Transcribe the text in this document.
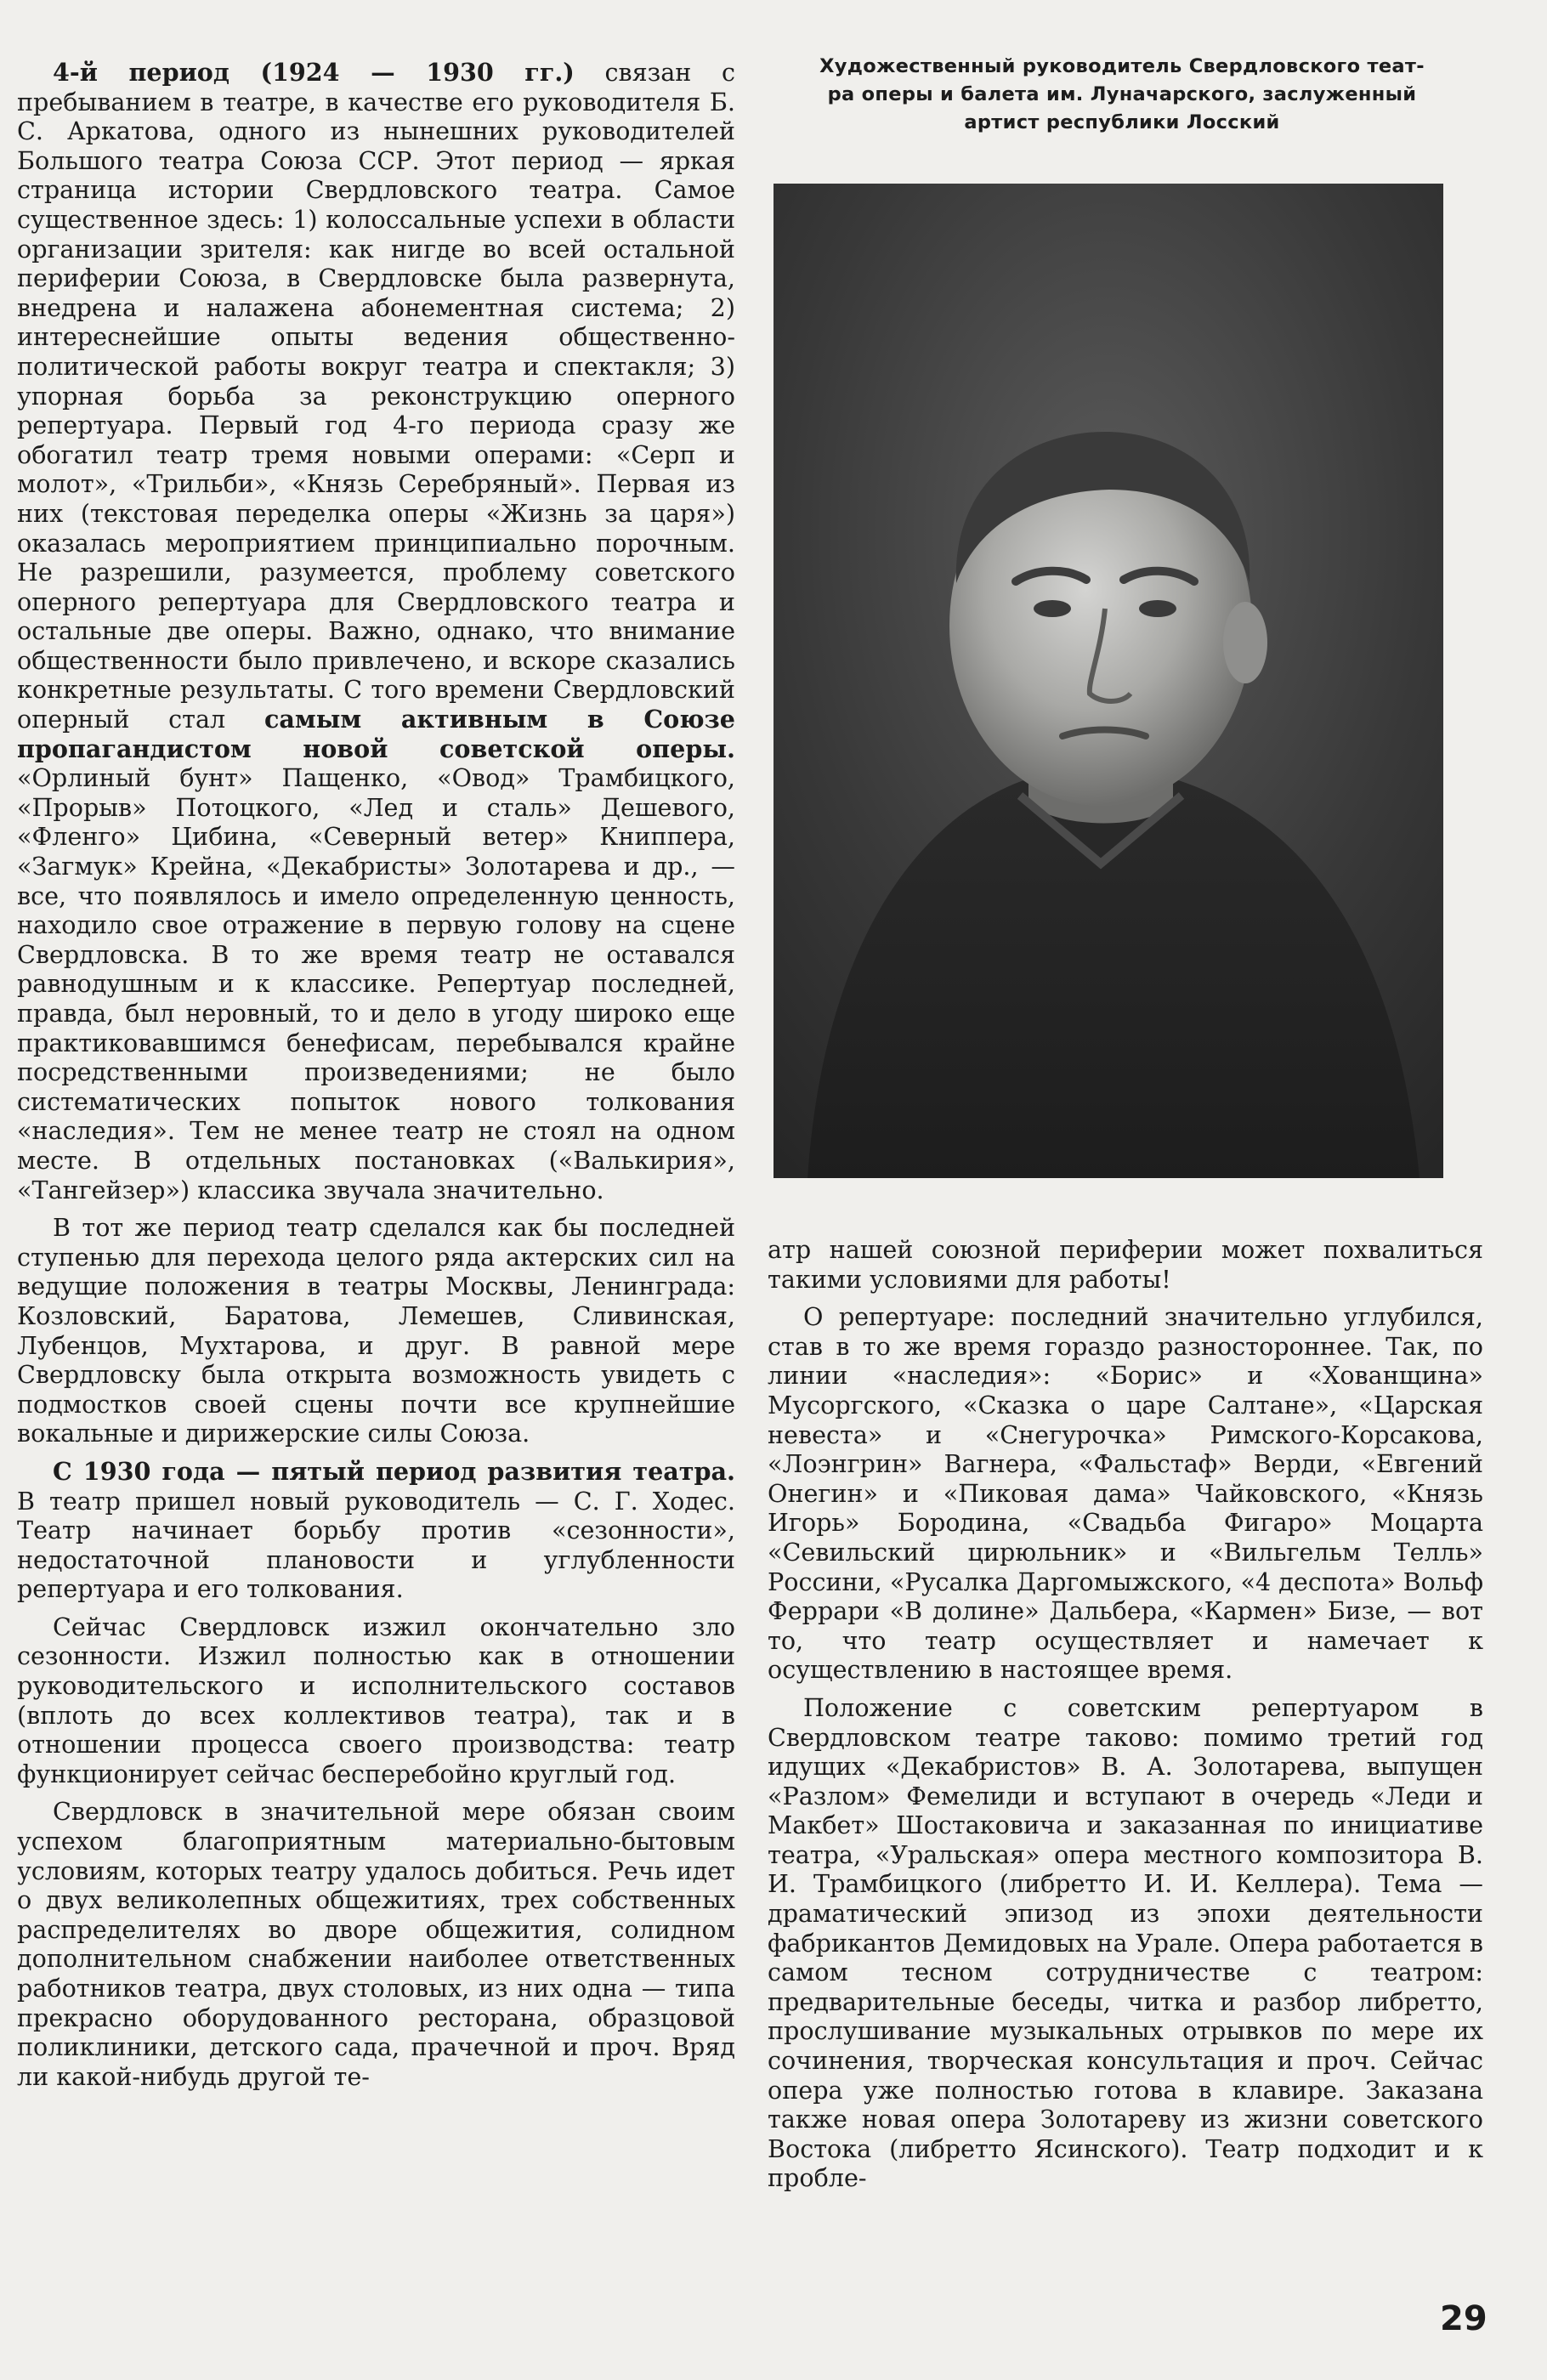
4-й период (1924 — 1930 гг.) связан с пребыванием в театре, в качестве его руководителя Б. С. Аркатова, одного из нынешних руководителей Большого театра Союза ССР. Этот период — яркая страница истории Свердловского театра. Самое существенное здесь: 1) колоссальные успехи в области организации зрителя: как нигде во всей остальной периферии Союза, в Свердловске была развернута, внедрена и налажена абонементная система; 2) интереснейшие опыты ведения общественно-политической работы вокруг театра и спектакля; 3) упорная борьба за реконструкцию оперного репертуара. Первый год 4-го периода сразу же обогатил театр тремя новыми операми: «Серп и молот», «Трильби», «Князь Серебряный». Первая из них (текстовая переделка оперы «Жизнь за царя») оказалась мероприятием принципиально порочным. Не разрешили, разумеется, проблему советского оперного репертуара для Свердловского театра и остальные две оперы. Важно, однако, что внимание общественности было привлечено, и вскоре сказались конкретные результаты. С того времени Свердловский оперный стал самым активным в Союзе пропагандистом новой советской оперы. «Орлиный бунт» Пащенко, «Овод» Трамбицкого, «Прорыв» Потоцкого, «Лед и сталь» Дешевого, «Фленго» Цибина, «Северный ветер» Книппера, «Загмук» Крейна, «Декабристы» Золотарева и др., — все, что появлялось и имело определенную ценность, находило свое отражение в первую голову на сцене Свердловска. В то же время театр не оставался равнодушным и к классике. Репертуар последней, правда, был неровный, то и дело в угоду широко еще практиковавшимся бенефисам, перебывался крайне посредственными произведениями; не было систематических попыток нового толкования «наследия». Тем не менее театр не стоял на одном месте. В отдельных постановках («Валькирия», «Тангейзер») классика звучала значительно.

В тот же период театр сделался как бы последней ступенью для перехода целого ряда актерских сил на ведущие положения в театры Москвы, Ленинграда: Козловский, Баратова, Лемешев, Сливинская, Лубенцов, Мухтарова, и друг. В равной мере Свердловску была открыта возможность увидеть с подмостков своей сцены почти все крупнейшие вокальные и дирижерские силы Союза.

С 1930 года — пятый период развития театра. В театр пришел новый руководитель — С. Г. Ходес. Театр начинает борьбу против «сезонности», недостаточной плановости и углубленности репертуара и его толкования.

Сейчас Свердловск изжил окончательно зло сезонности. Изжил полностью как в отношении руководительского и исполнительского составов (вплоть до всех коллективов театра), так и в отношении процесса своего производства: театр функционирует сейчас бесперебойно круглый год.

Свердловск в значительной мере обязан своим успехом благоприятным материально-бытовым условиям, которых театру удалось добиться. Речь идет о двух великолепных общежитиях, трех собственных распределителях во дворе общежития, солидном дополнительном снабжении наиболее ответственных работников театра, двух столовых, из них одна — типа прекрасно оборудованного ресторана, образцовой поликлиники, детского сада, прачечной и проч. Вряд ли какой-нибудь другой те-

Художественный руководитель Свердловского теат-
ра оперы и балета им. Луначарского, заслуженный
артист республики Лосский

атр нашей союзной периферии может похвалиться такими условиями для работы!

О репертуаре: последний значительно углубился, став в то же время гораздо разностороннее. Так, по линии «наследия»: «Борис» и «Хованщина» Мусоргского, «Сказка о царе Салтане», «Царская невеста» и «Снегурочка» Римского-Корсакова, «Лоэнгрин» Вагнера, «Фальстаф» Верди, «Евгений Онегин» и «Пиковая дама» Чайковского, «Князь Игорь» Бородина, «Свадьба Фигаро» Моцарта «Севильский цирюльник» и «Вильгельм Телль» Россини, «Русалка Даргомыжского, «4 деспота» Вольф Феррари «В долине» Дальбера, «Кармен» Бизе, — вот то, что театр осуществляет и намечает к осуществлению в настоящее время.

Положение с советским репертуаром в Свердловском театре таково: помимо третий год идущих «Декабристов» В. А. Золотарева, выпущен «Разлом» Фемелиди и вступают в очередь «Леди и Макбет» Шостаковича и заказанная по инициативе театра, «Уральская» опера местного композитора В. И. Трамбицкого (либретто И. И. Келлера). Тема — драматический эпизод из эпохи деятельности фабрикантов Демидовых на Урале. Опера работается в самом тесном сотрудничестве с театром: предварительные беседы, читка и разбор либретто, прослушивание музыкальных отрывков по мере их сочинения, творческая консультация и проч. Сейчас опера уже полностью готова в клавире. Заказана также новая опера Золотареву из жизни советского Востока (либретто Ясинского). Театр подходит и к пробле-

29
